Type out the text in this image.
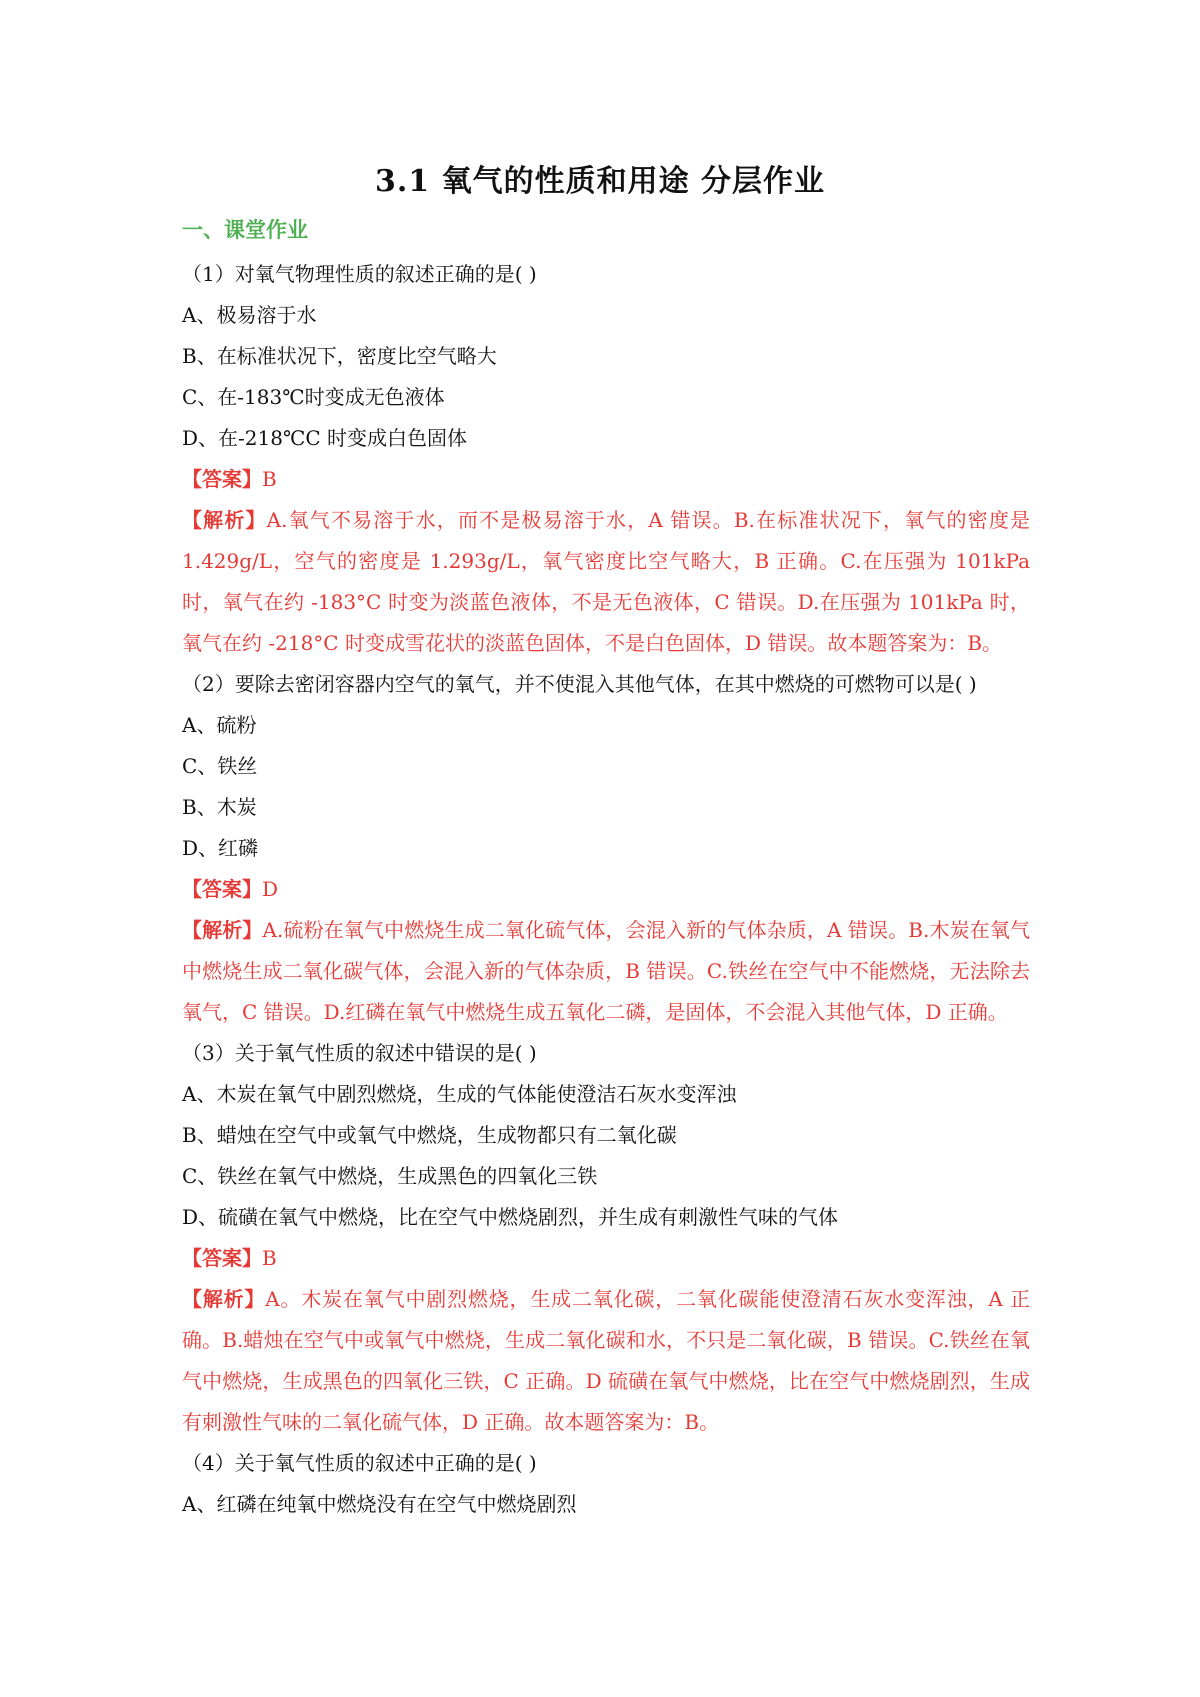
3.1 氧气的性质和用途 分层作业
一、课堂作业

（1）对氧气物理性质的叙述正确的是( )

A、极易溶于水

B、在标准状况下，密度比空气略大

C、在-183℃时变成无色液体

D、在-218℃C 时变成白色固体

【答案】B

【解析】A.氧气不易溶于水，而不是极易溶于水，A 错误。B.在标准状况下，氧气的密度是 1.429g/L，空气的密度是 1.293g/L，氧气密度比空气略大，B 正确。C.在压强为 101kPa 时，氧气在约 -183°C 时变为淡蓝色液体，不是无色液体，C 错误。D.在压强为 101kPa 时，氧气在约 -218°C 时变成雪花状的淡蓝色固体，不是白色固体，D 错误。故本题答案为：B。

（2）要除去密闭容器内空气的氧气，并不使混入其他气体，在其中燃烧的可燃物可以是( )

A、硫粉

C、铁丝

B、木炭

D、红磷

【答案】D

【解析】A.硫粉在氧气中燃烧生成二氧化硫气体，会混入新的气体杂质，A 错误。B.木炭在氧气中燃烧生成二氧化碳气体，会混入新的气体杂质，B 错误。C.铁丝在空气中不能燃烧，无法除去氧气，C 错误。D.红磷在氧气中燃烧生成五氧化二磷，是固体，不会混入其他气体，D 正确。

（3）关于氧气性质的叙述中错误的是( )

A、木炭在氧气中剧烈燃烧，生成的气体能使澄洁石灰水变浑浊

B、蜡烛在空气中或氧气中燃烧，生成物都只有二氧化碳

C、铁丝在氧气中燃烧，生成黑色的四氧化三铁

D、硫磺在氧气中燃烧，比在空气中燃烧剧烈，并生成有刺激性气味的气体

【答案】B

【解析】A。木炭在氧气中剧烈燃烧，生成二氧化碳，二氧化碳能使澄清石灰水变浑浊，A 正确。B.蜡烛在空气中或氧气中燃烧，生成二氧化碳和水，不只是二氧化碳，B 错误。C.铁丝在氧气中燃烧，生成黑色的四氧化三铁，C 正确。D 硫磺在氧气中燃烧，比在空气中燃烧剧烈，生成有刺激性气味的二氧化硫气体，D 正确。故本题答案为：B。

（4）关于氧气性质的叙述中正确的是( )

A、红磷在纯氧中燃烧没有在空气中燃烧剧烈
